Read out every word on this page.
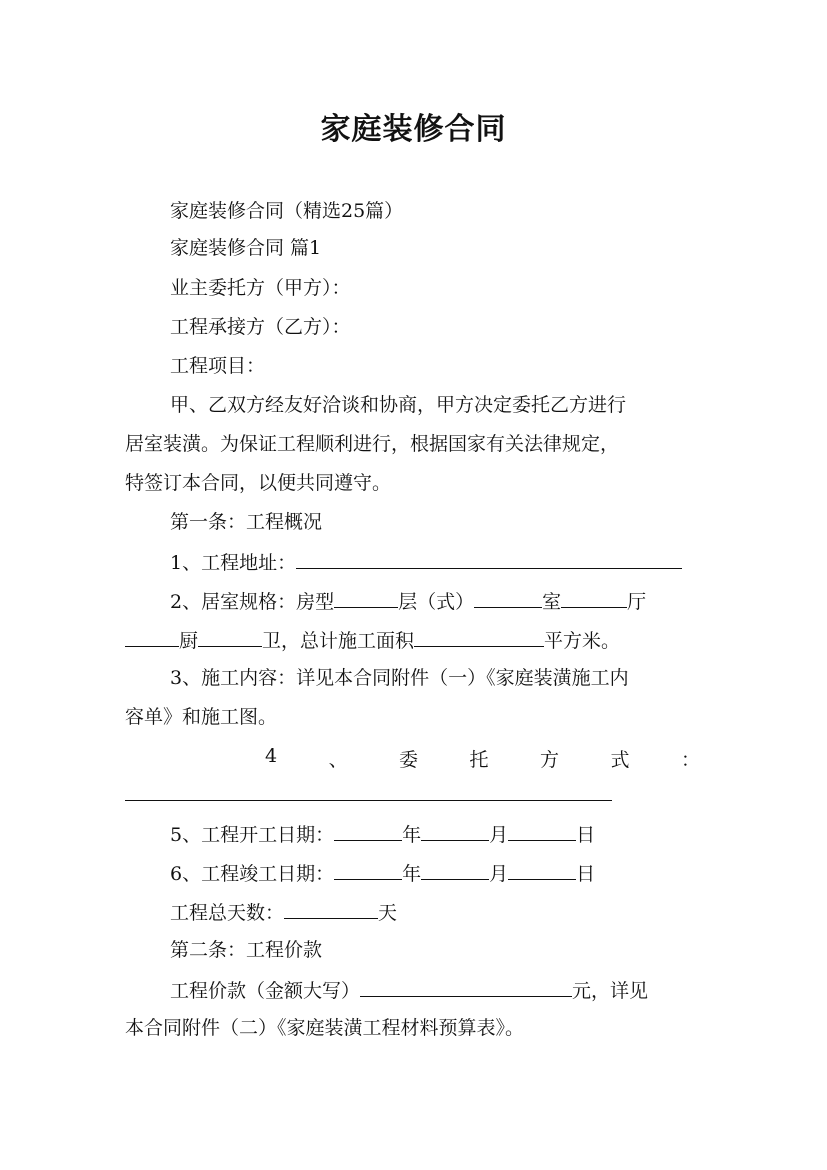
家庭装修合同
家庭装修合同（精选25篇）
家庭装修合同 篇1
业主委托方（甲方）：
工程承接方（乙方）：
工程项目：
甲、乙双方经友好洽谈和协商，甲方决定委托乙方进行
居室装潢。为保证工程顺利进行，根据国家有关法律规定，
特签订本合同，以便共同遵守。
第一条：工程概况
1、工程地址：
2、居室规格：房型	层（式）	室	厅
厨	卫，总计施工面积	平方米。
3、施工内容：详见本合同附件（一）《家庭装潢施工内
容单》和施工图。
4	、	委	托	方	式	：
5、工程开工日期：	年	月	日
6、工程竣工日期：	年	月	日
工程总天数：	天
第二条：工程价款
工程价款（金额大写）	元，详见
本合同附件（二）《家庭装潢工程材料预算表》。
